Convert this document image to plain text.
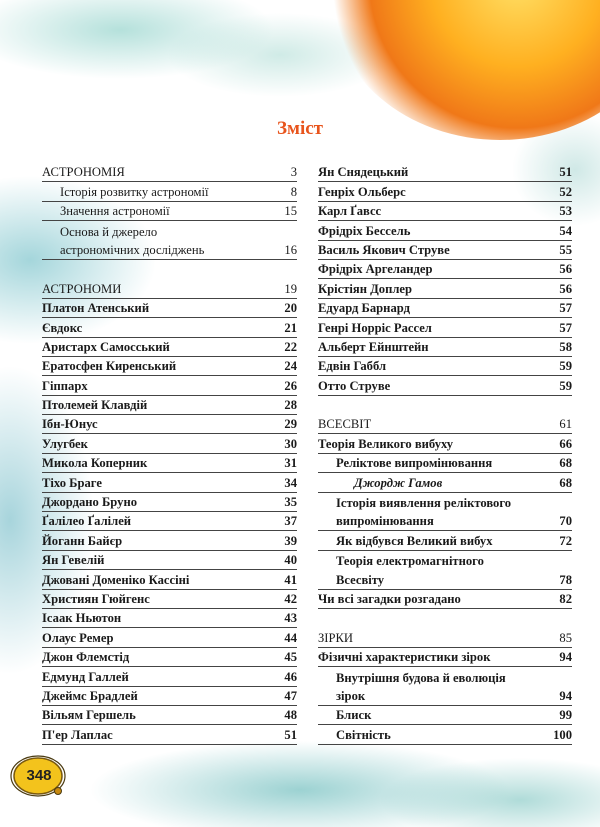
Зміст
АСТРОНОМІЯ	3
Історія розвитку астрономії	8
Значення астрономії	15
Основа й джерело
астрономічних досліджень	16
АСТРОНОМИ	19
Платон Атенський	20
Євдокс	21
Аристарх Самосський	22
Ератосфен Киренський	24
Гіппарх	26
Птолемей Клавдій	28
Ібн-Юнус	29
Улугбек	30
Микола Коперник	31
Тіхо Браге	34
Джордано Бруно	35
Ґалілео Ґалілей	37
Йоганн Байєр	39
Ян Гевелій	40
Джовані Доменіко Кассіні	41
Християн Гюйгенс	42
Ісаак Ньютон	43
Олаус Ремер	44
Джон Флемстід	45
Едмунд Галлей	46
Джеймс Брадлей	47
Вільям Гершель	48
П'ер Лаплас	51
Ян Снядецький	51
Генріх Ольберс	52
Карл Ґавсс	53
Фрідріх Бессель	54
Василь Якович Струве	55
Фрідріх Аргеландер	56
Крістіян Доплер	56
Едуард Барнард	57
Генрі Норріс Рассел	57
Альберт Ейнштейн	58
Едвін Габбл	59
Отто Струве	59
ВСЕСВІТ	61
Теорія Великого вибуху	66
Реліктове випромінювання	68
Джордж Гамов	68
Історія виявлення реліктового
випромінювання	70
Як відбувся Великий вибух	72
Теорія електромагнітного
Всесвіту	78
Чи всі загадки розгадано	82
ЗІРКИ	85
Фізичні характеристики зірок	94
Внутрішня будова й еволюція
зірок	94
Блиск	99
Світність	100
348
